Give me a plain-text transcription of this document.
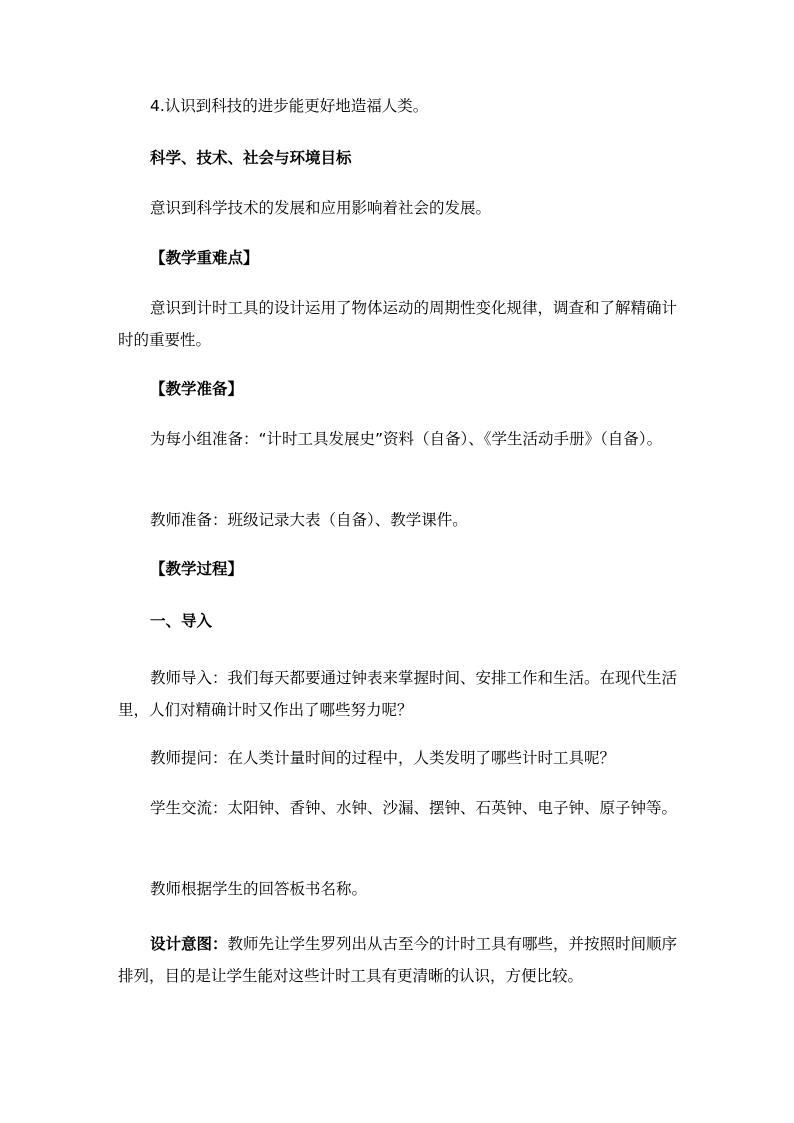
4.认识到科技的进步能更好地造福人类。
科学、技术、社会与环境目标
意识到科学技术的发展和应用影响着社会的发展。
【教学重难点】
意识到计时工具的设计运用了物体运动的周期性变化规律，调查和了解精确计时的重要性。
【教学准备】
为每小组准备：“计时工具发展史”资料（自备）、《学生活动手册》（自备）。
教师准备：班级记录大表（自备）、教学课件。
【教学过程】
一、导入
教师导入：我们每天都要通过钟表来掌握时间、安排工作和生活。在现代生活里，人们对精确计时又作出了哪些努力呢？
教师提问：在人类计量时间的过程中，人类发明了哪些计时工具呢？
学生交流：太阳钟、香钟、水钟、沙漏、摆钟、石英钟、电子钟、原子钟等。
教师根据学生的回答板书名称。
设计意图：教师先让学生罗列出从古至今的计时工具有哪些，并按照时间顺序排列，目的是让学生能对这些计时工具有更清晰的认识，方便比较。
